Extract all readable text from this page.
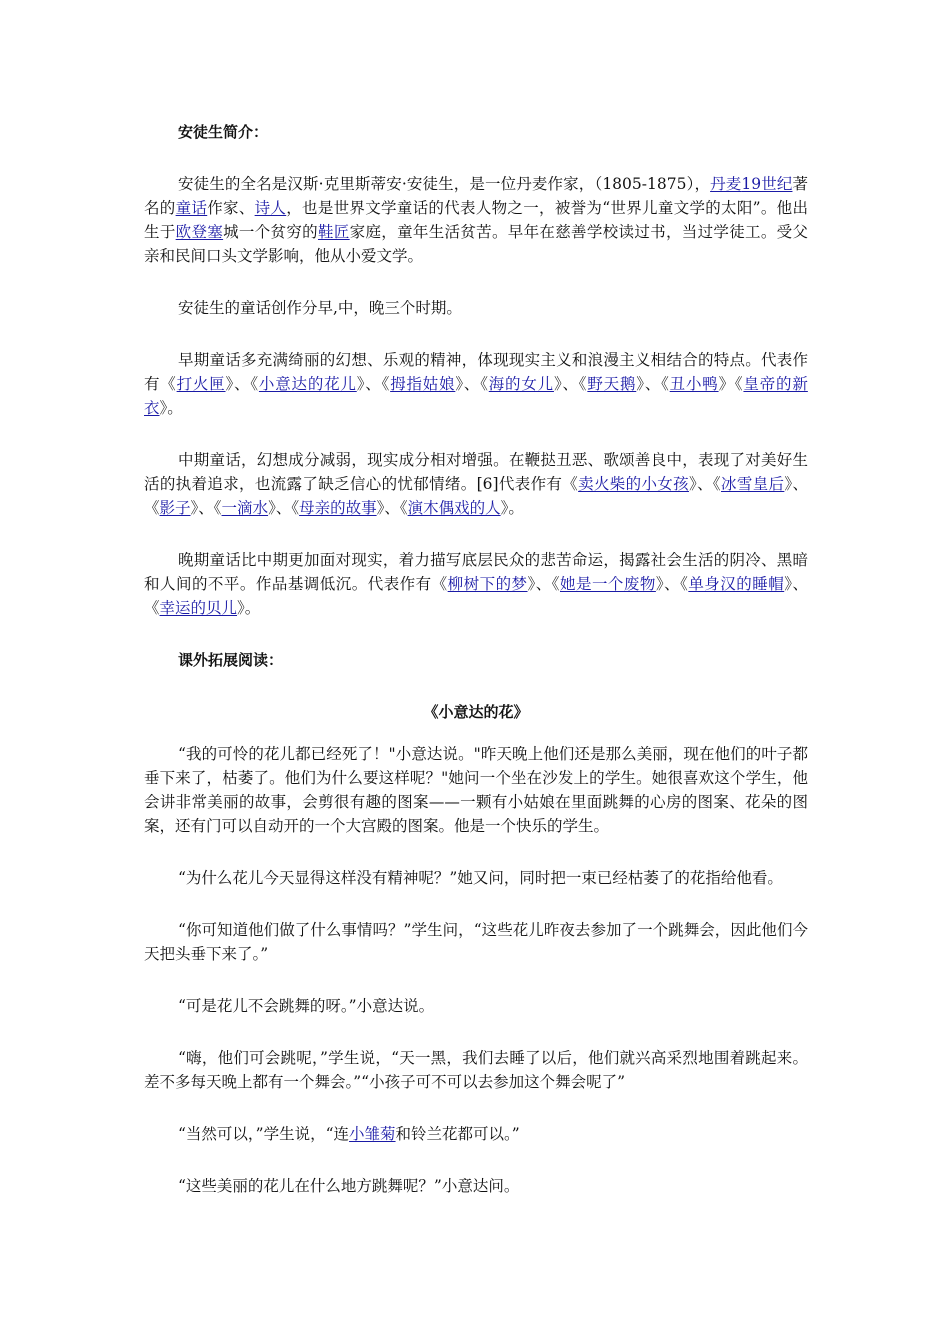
安徒生简介：

安徒生的全名是汉斯·克里斯蒂安·安徒生，是一位丹麦作家，（1805-1875），丹麦19世纪著名的童话作家、诗人，也是世界文学童话的代表人物之一，被誉为“世界儿童文学的太阳”。他出生于欧登塞城一个贫穷的鞋匠家庭，童年生活贫苦。早年在慈善学校读过书，当过学徒工。受父亲和民间口头文学影响，他从小爱文学。

安徒生的童话创作分早,中，晚三个时期。

早期童话多充满绮丽的幻想、乐观的精神，体现现实主义和浪漫主义相结合的特点。代表作有《打火匣》、《小意达的花儿》、《拇指姑娘》、《海的女儿》、《野天鹅》、《丑小鸭》《皇帝的新衣》。

中期童话，幻想成分减弱，现实成分相对增强。在鞭挞丑恶、歌颂善良中，表现了对美好生活的执着追求，也流露了缺乏信心的忧郁情绪。[6]代表作有《卖火柴的小女孩》、《冰雪皇后》、《影子》、《一滴水》、《母亲的故事》、《演木偶戏的人》。

晚期童话比中期更加面对现实，着力描写底层民众的悲苦命运，揭露社会生活的阴冷、黑暗和人间的不平。作品基调低沉。代表作有《柳树下的梦》、《她是一个废物》、《单身汉的睡帽》、《幸运的贝儿》。

课外拓展阅读：

《小意达的花》

“我的可怜的花儿都已经死了！"小意达说。"昨天晚上他们还是那么美丽，现在他们的叶子都垂下来了，枯萎了。他们为什么要这样呢？"她问一个坐在沙发上的学生。她很喜欢这个学生，他会讲非常美丽的故事，会剪很有趣的图案——一颗有小姑娘在里面跳舞的心房的图案、花朵的图案，还有门可以自动开的一个大宫殿的图案。他是一个快乐的学生。

“为什么花儿今天显得这样没有精神呢？”她又问，同时把一束已经枯萎了的花指给他看。

“你可知道他们做了什么事情吗？”学生问，“这些花儿昨夜去参加了一个跳舞会，因此他们今天把头垂下来了。”

“可是花儿不会跳舞的呀。”小意达说。

“嗨，他们可会跳呢，”学生说，“天一黑，我们去睡了以后，他们就兴高采烈地围着跳起来。差不多每天晚上都有一个舞会。”“小孩子可不可以去参加这个舞会呢了”

“当然可以，”学生说，“连小雏菊和铃兰花都可以。”

“这些美丽的花儿在什么地方跳舞呢？”小意达问。
